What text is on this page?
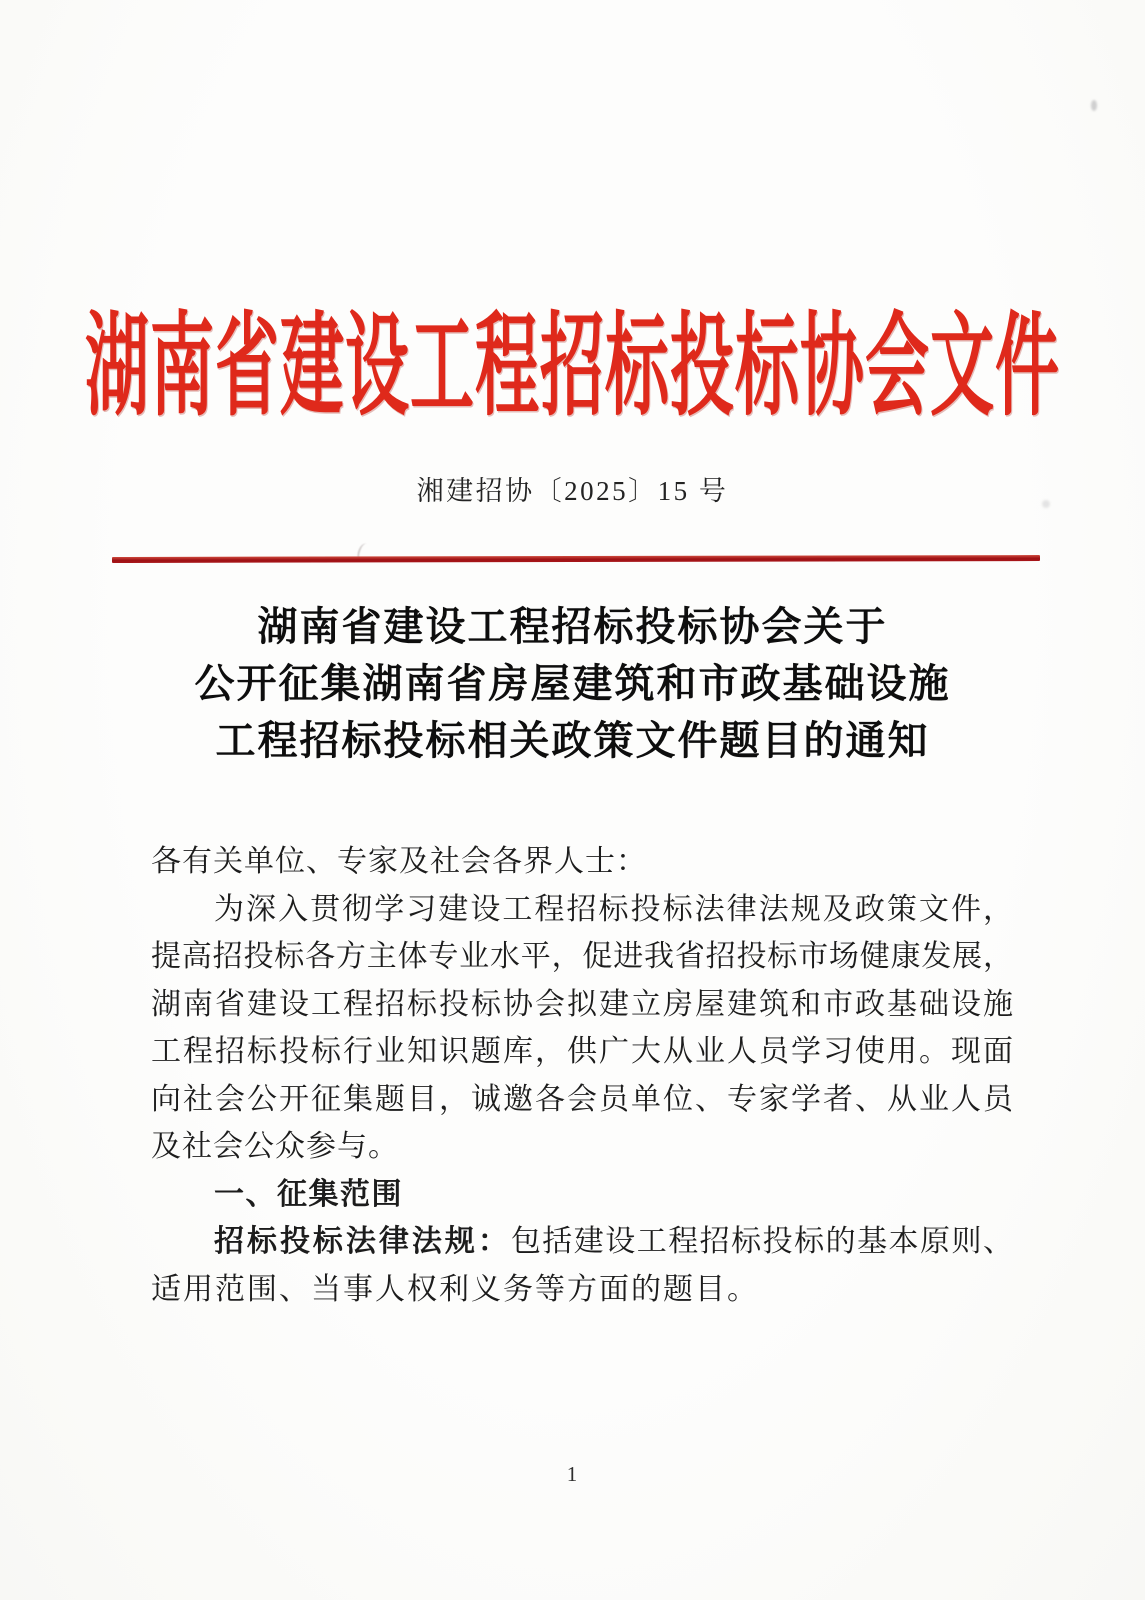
湖南省建设工程招标投标协会文件
湘建招协〔2025〕15 号
湖南省建设工程招标投标协会关于
公开征集湖南省房屋建筑和市政基础设施
工程招标投标相关政策文件题目的通知
各有关单位、专家及社会各界人士：
为深入贯彻学习建设工程招标投标法律法规及政策文件，
提高招投标各方主体专业水平，促进我省招投标市场健康发展，
湖南省建设工程招标投标协会拟建立房屋建筑和市政基础设施
工程招标投标行业知识题库，供广大从业人员学习使用。现面
向社会公开征集题目，诚邀各会员单位、专家学者、从业人员
及社会公众参与。
一、征集范围
招标投标法律法规：包括建设工程招标投标的基本原则、
适用范围、当事人权利义务等方面的题目。
1
